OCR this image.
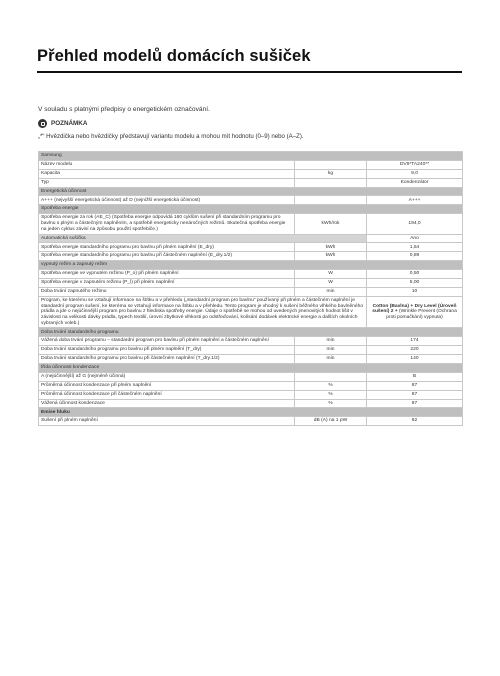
Přehled modelů domácích sušiček
V souladu s platnými předpisy o energetickém označování.
POZNÁMKA
„*“ Hvězdička nebo hvězdičky představují variantu modelu a mohou mít hodnotu (0–9) nebo (A–Z).
Samsung		
Název modelu		DV9*TA240**
Kapacita	kg	9,0
Typ		Kondenzátor
Energetická účinnost		
A+++ (nejvyšší energetická účinnost) až D (nejnižší energetická účinnost)		A+++
Spotřeba energie		
Spotřeba energie za rok (AE_C) (Spotřeba energie odpovídá 160 cyklům sušení při standardním programu pro bavlnu s plným a částečným naplněním, a spotřebě energeticky nenáročných režimů. Skutečná spotřeba energie na jeden cyklus závisí na způsobu použití spotřebiče.)	kWh/rok	194,0
Automatická sušička		Ano
Spotřeba energie standardního programu pro bavlnu při plném naplnění (E_dry)	kWh	1,54
Spotřeba energie standardního programu pro bavlnu při částečném naplnění (E_dry.1/2)	kWh	0,89
vypnutý režim a zapnutý režim		
Spotřeba energie ve vypnutém režimu (P_o) při plném naplnění	W	0,50
Spotřeba energie v zapnutém režimu (P_l) při plném naplnění	W	5,00
Doba trvání zapnutého režimu	min	10
Program, ke kterému se vztahují informace na štítku a v přehledu („standardní program pro bavlnu“ používaný při plném a částečném naplnění je standardní program sušení, ke kterému se vztahují informace na štítku a v přehledu. Tento program je vhodný k sušení běžného vlhkého bavlněného prádla a jde o nejúčinnější program pro bavlnu z hlediska spotřeby energie. Údaje o spotřebě se mohou od uvedených jmenovitých hodnot lišit v závislosti na velikosti dávky prádla, typech textilií, úrovní zbytkové vlhkosti po odstřeďování, kolísání dodávek elektrické energie a dalších okolních vybraných voleb.)		Cotton (Bavlna) + Dry Level (Úroveň sušení) 2 + (Wrinkle Prevent (Ochrana proti pomačkání) vypnuta)
Doba trvání standardního programu		
Vážená doba trvání programu – standardní program pro bavlnu při plném naplnění a částečném naplnění	min	174
Doba trvání standardního programu pro bavlnu při plném naplnění (T_dry)	min	220
Doba trvání standardního programu pro bavlnu při částečném naplnění (T_dry.1/2)	min	140
třída účinnosti kondenzace		
A (nejúčinnější) až G (nejméně účinná)		B
Průměrná účinnost kondenzace při plném naplnění	%	87
Průměrná účinnost kondenzace při částečném naplnění	%	87
Vážená účinnost kondenzace	%	87
Emise hluku		
Sušení při plném naplnění	dB (A) na 1 pW	62
